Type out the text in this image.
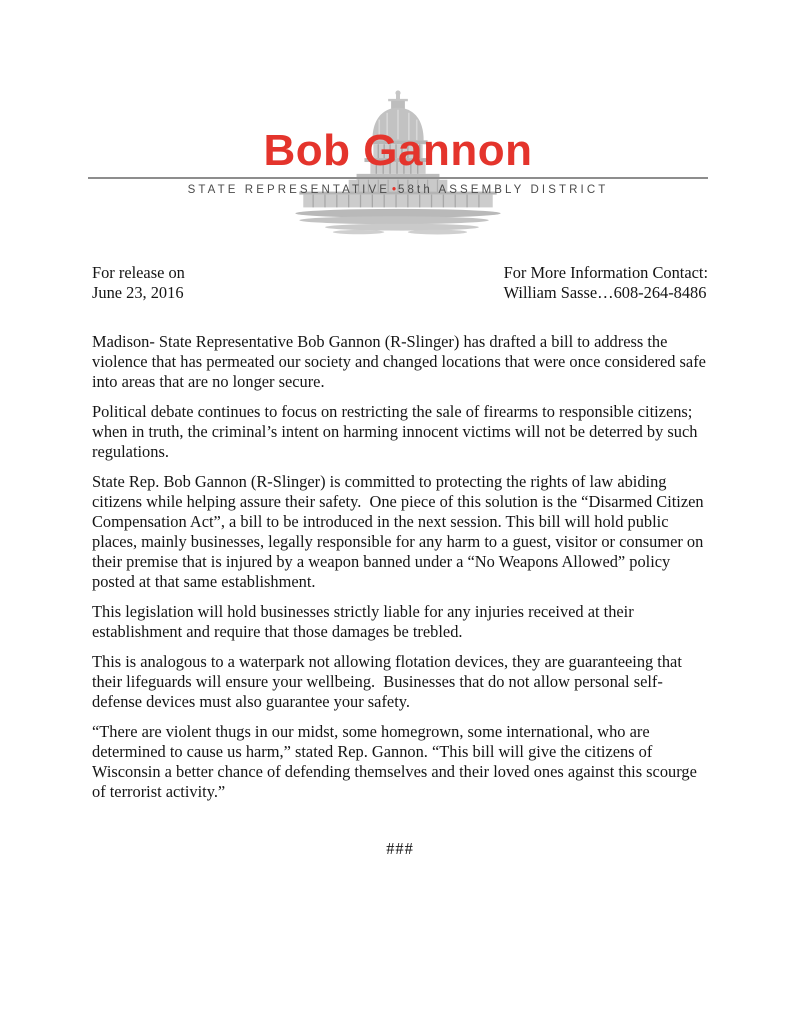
Bob Gannon
STATE REPRESENTATIVE • 58th ASSEMBLY DISTRICT
For release on
June 23, 2016
For More Information Contact:
William Sasse…608-264-8486

Madison- State Representative Bob Gannon (R-Slinger) has drafted a bill to address the violence that has permeated our society and changed locations that were once considered safe into areas that are no longer secure.

Political debate continues to focus on restricting the sale of firearms to responsible citizens; when in truth, the criminal’s intent on harming innocent victims will not be deterred by such regulations.

State Rep. Bob Gannon (R-Slinger) is committed to protecting the rights of law abiding citizens while helping assure their safety.  One piece of this solution is the “Disarmed Citizen Compensation Act”, a bill to be introduced in the next session. This bill will hold public places, mainly businesses, legally responsible for any harm to a guest, visitor or consumer on their premise that is injured by a weapon banned under a “No Weapons Allowed” policy posted at that same establishment.

This legislation will hold businesses strictly liable for any injuries received at their establishment and require that those damages be trebled.

This is analogous to a waterpark not allowing flotation devices, they are guaranteeing that their lifeguards will ensure your wellbeing.  Businesses that do not allow personal self-defense devices must also guarantee your safety.

“There are violent thugs in our midst, some homegrown, some international, who are determined to cause us harm,” stated Rep. Gannon. “This bill will give the citizens of Wisconsin a better chance of defending themselves and their loved ones against this scourge of terrorist activity.”

###
